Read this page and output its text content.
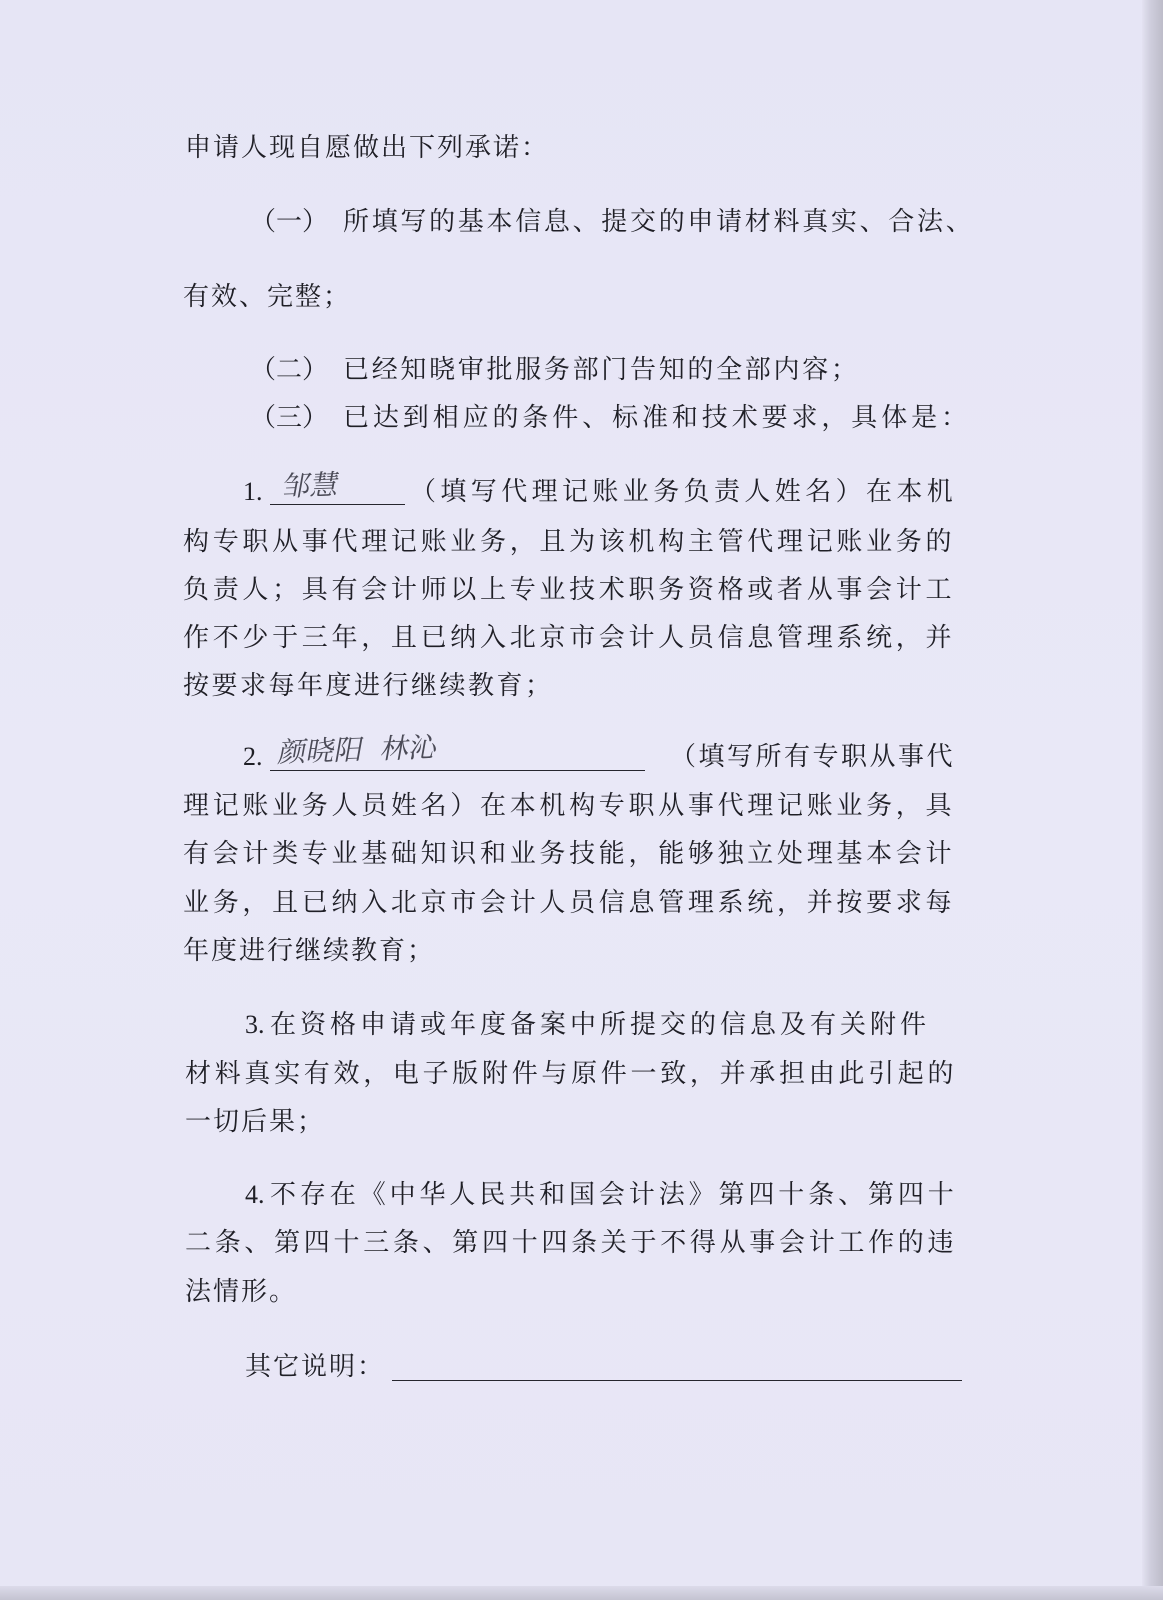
申请人现自愿做出下列承诺：
（一） 所填写的基本信息、提交的申请材料真实、合法、
有效、完整；
（二） 已经知晓审批服务部门告知的全部内容；
（三） 已达到相应的条件、标准和技术要求，具体是：
1. 邹慧	（填写代理记账业务负责人姓名）在本机
构专职从事代理记账业务，且为该机构主管代理记账业务的
负责人；具有会计师以上专业技术职务资格或者从事会计工
作不少于三年，且已纳入北京市会计人员信息管理系统，并
按要求每年度进行继续教育；
2. 颜晓阳  林沁	（填写所有专职从事代
理记账业务人员姓名）在本机构专职从事代理记账业务，具
有会计类专业基础知识和业务技能，能够独立处理基本会计
业务，且已纳入北京市会计人员信息管理系统，并按要求每
年度进行继续教育；
3. 在资格申请或年度备案中所提交的信息及有关附件
材料真实有效，电子版附件与原件一致，并承担由此引起的
一切后果；
4. 不存在《中华人民共和国会计法》第四十条、第四十
二条、第四十三条、第四十四条关于不得从事会计工作的违
法情形。
其它说明：
